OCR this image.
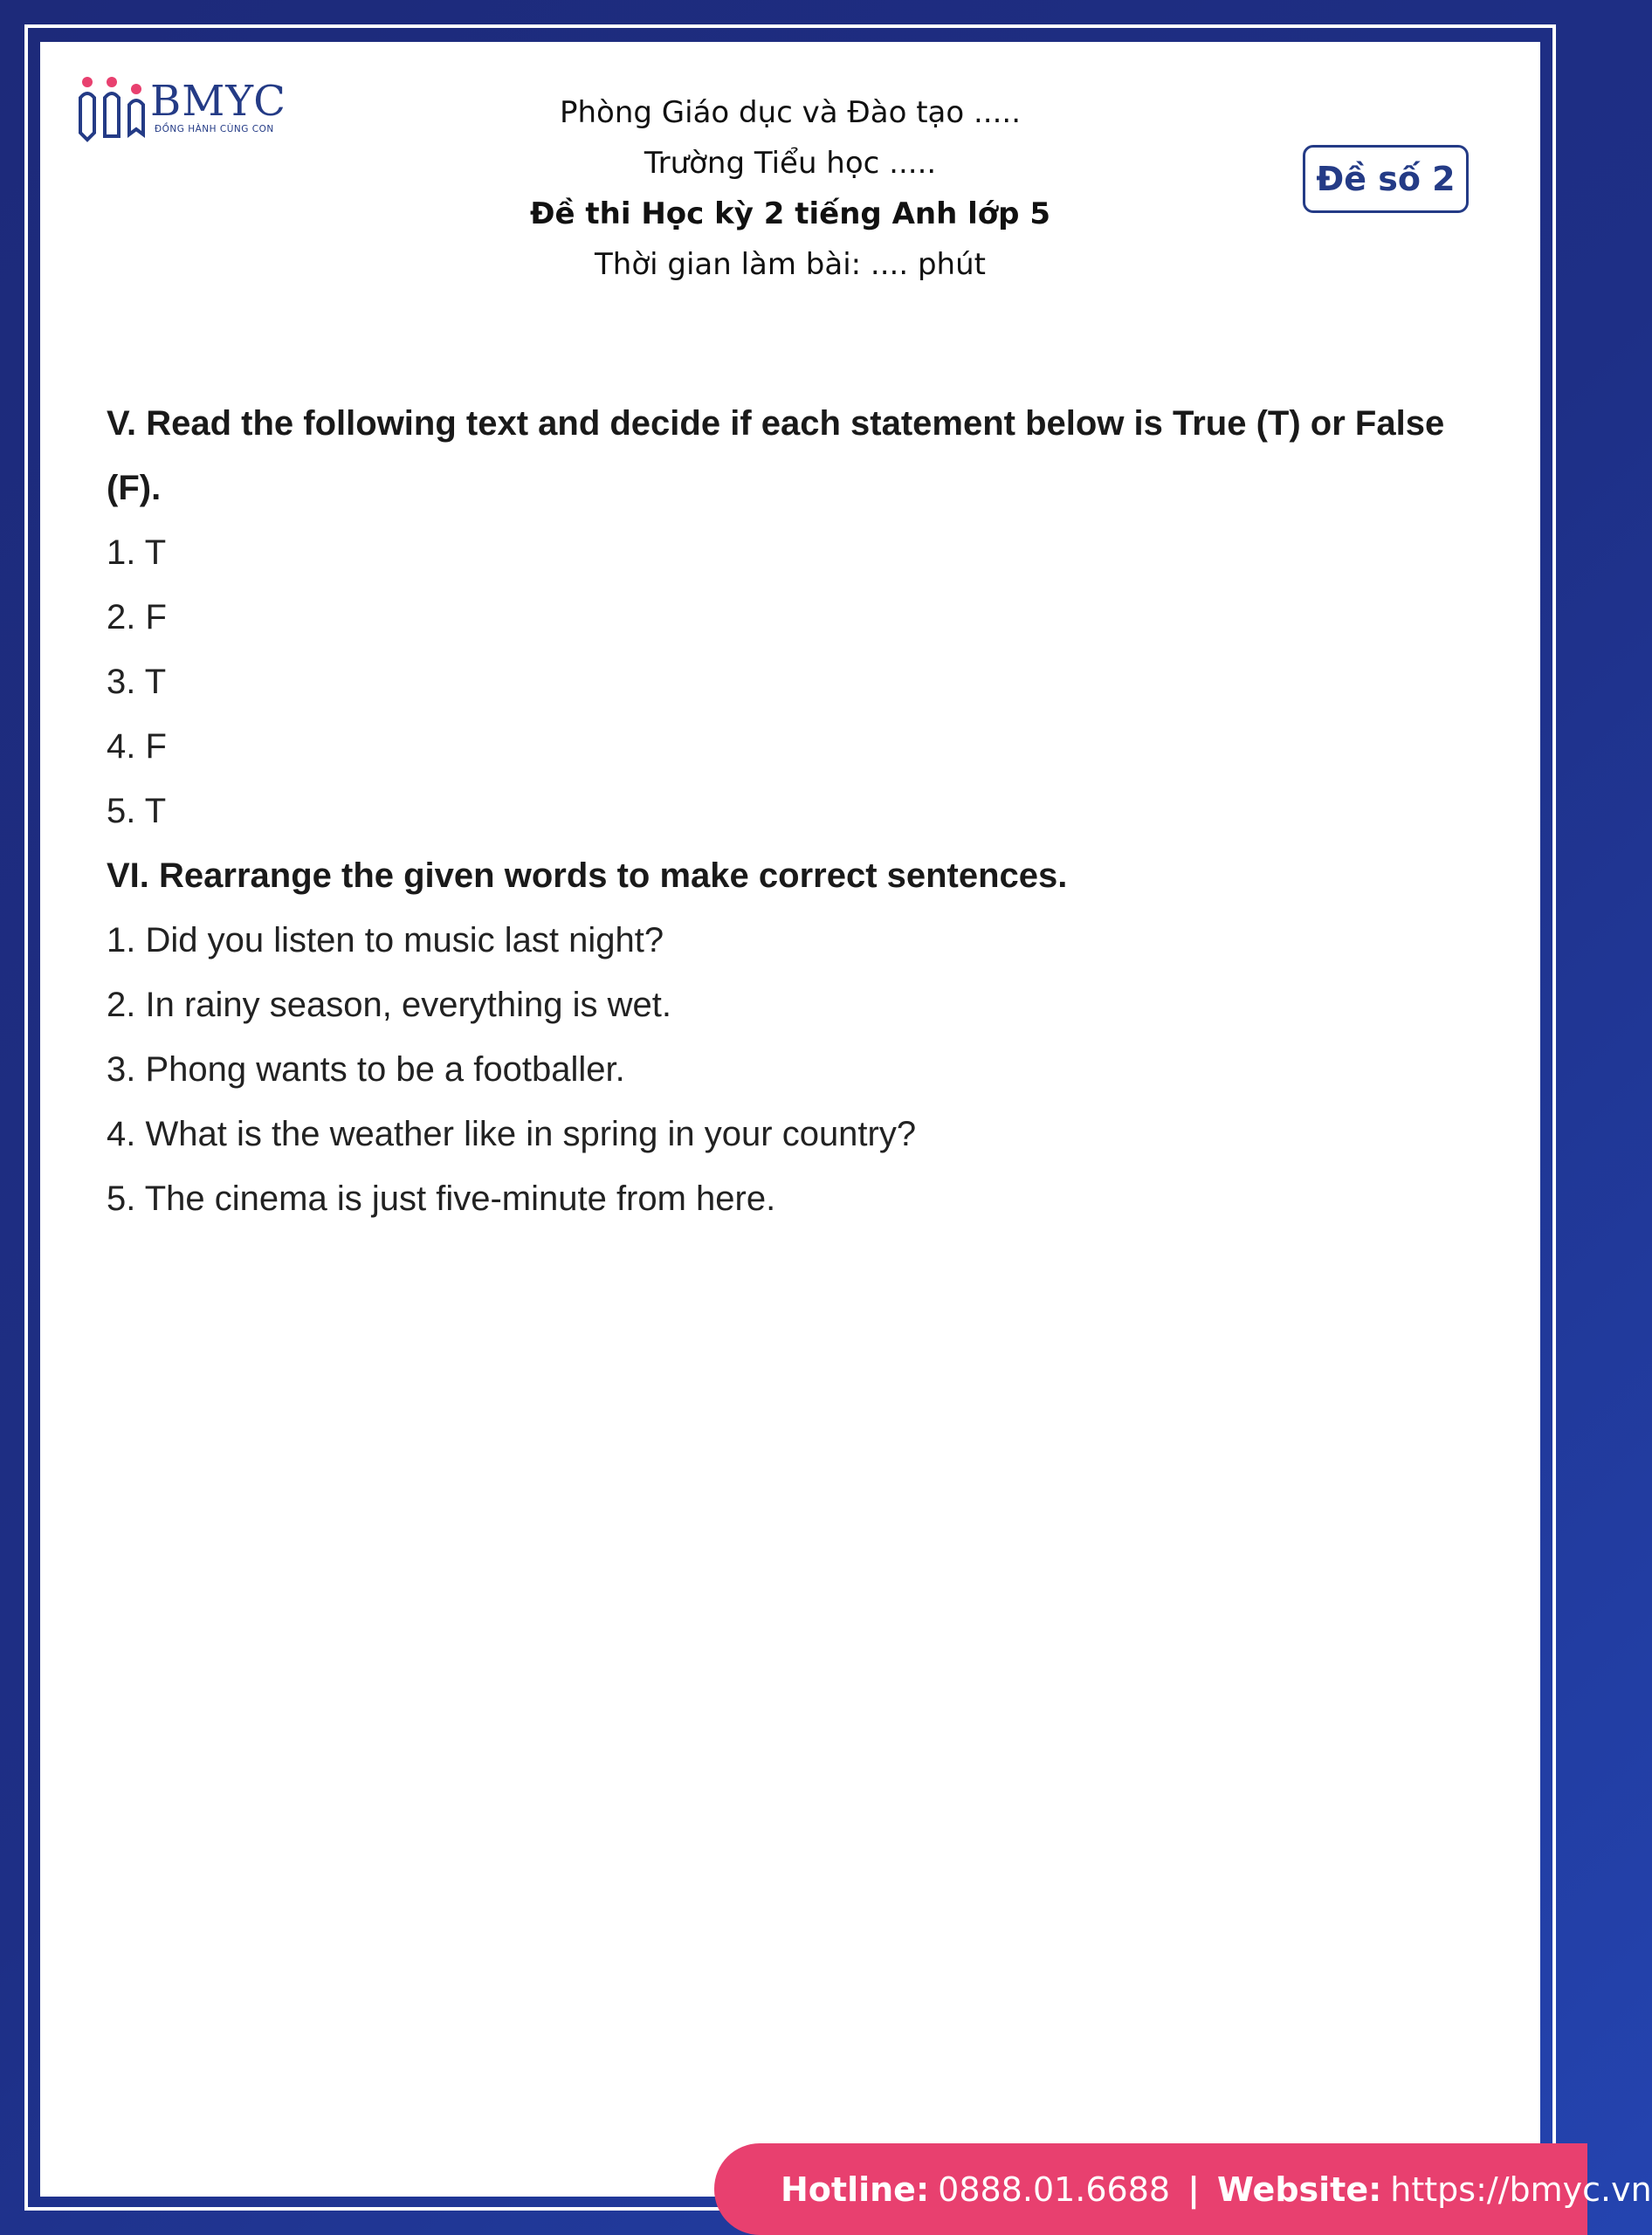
BMYC
ĐỒNG HÀNH CÙNG CON	Phòng Giáo dục và Đào tạo .....
Trường Tiểu học .....
Đề thi Học kỳ 2 tiếng Anh lớp 5
Thời gian làm bài: .... phút
Đề số 2

V. Read the following text and decide if each statement below is True (T) or False (F).

1. T

2. F

3. T

4. F

5. T

VI. Rearrange the given words to make correct sentences.

1. Did you listen to music last night?

2. In rainy season, everything is wet.

3. Phong wants to be a footballer.

4. What is the weather like in spring in your country?

5. The cinema is just five-minute from here.

Hotline: 0888.01.6688 | Website: https://bmyc.vn
